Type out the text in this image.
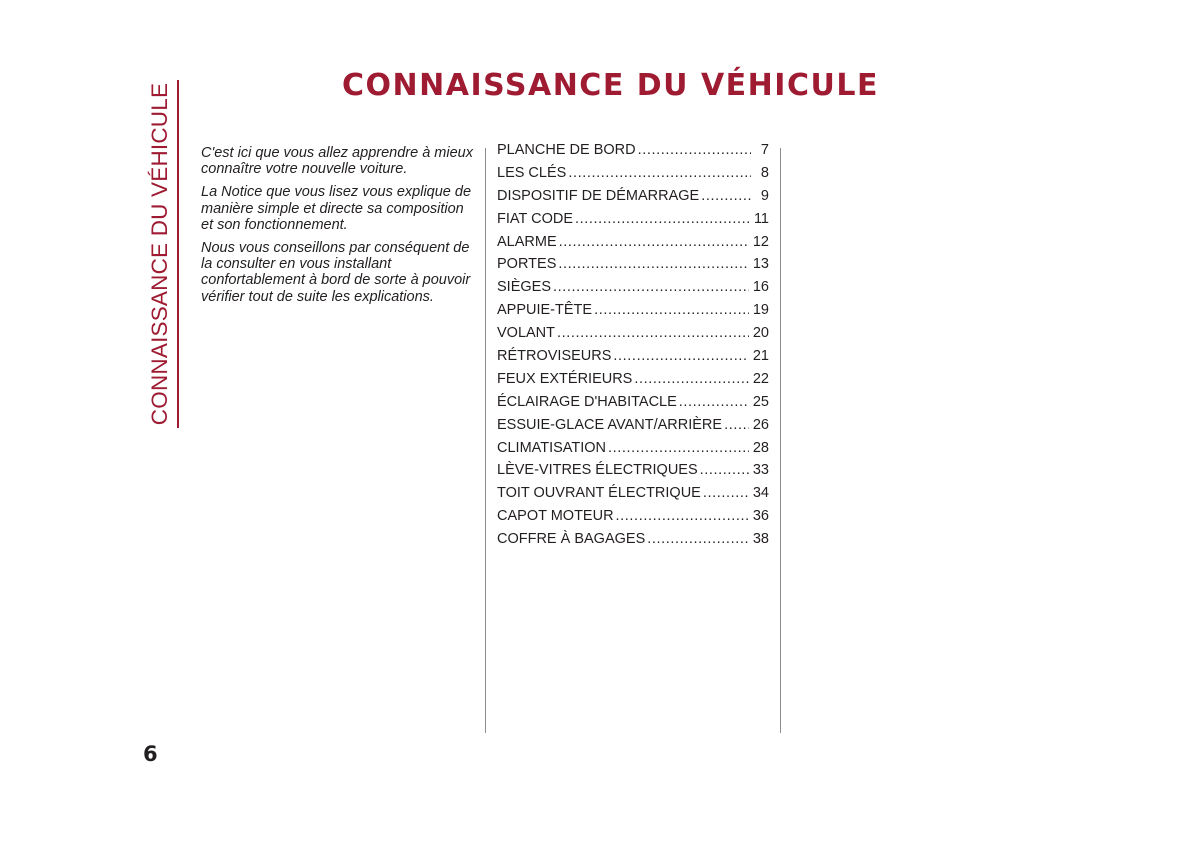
CONNAISSANCE DU VÉHICULE	CONNAISSANCE DU VÉHICULE

C'est ici que vous allez apprendre à mieux connaître votre nouvelle voiture.

La Notice que vous lisez vous explique de manière simple et directe sa composition et son fonctionnement.

Nous vous conseillons par conséquent de la consulter en vous installant confortablement à bord de sorte à pouvoir vérifier tout de suite les explications.

PLANCHE DE BORD .....	7
LES CLÉS .....	8
DISPOSITIF DE DÉMARRAGE .....	9
FIAT CODE .....	11
ALARME .....	12
PORTES .....	13
SIÈGES .....	16
APPUIE-TÊTE .....	19
VOLANT .....	20
RÉTROVISEURS .....	21
FEUX EXTÉRIEURS .....	22
ÉCLAIRAGE D'HABITACLE .....	25
ESSUIE-GLACE AVANT/ARRIÈRE ..... 26
CLIMATISATION .....	28
LÈVE-VITRES ÉLECTRIQUES .....	33
TOIT OUVRANT ÉLECTRIQUE .....	34
CAPOT MOTEUR .....	36
COFFRE À BAGAGES .....	38
6
